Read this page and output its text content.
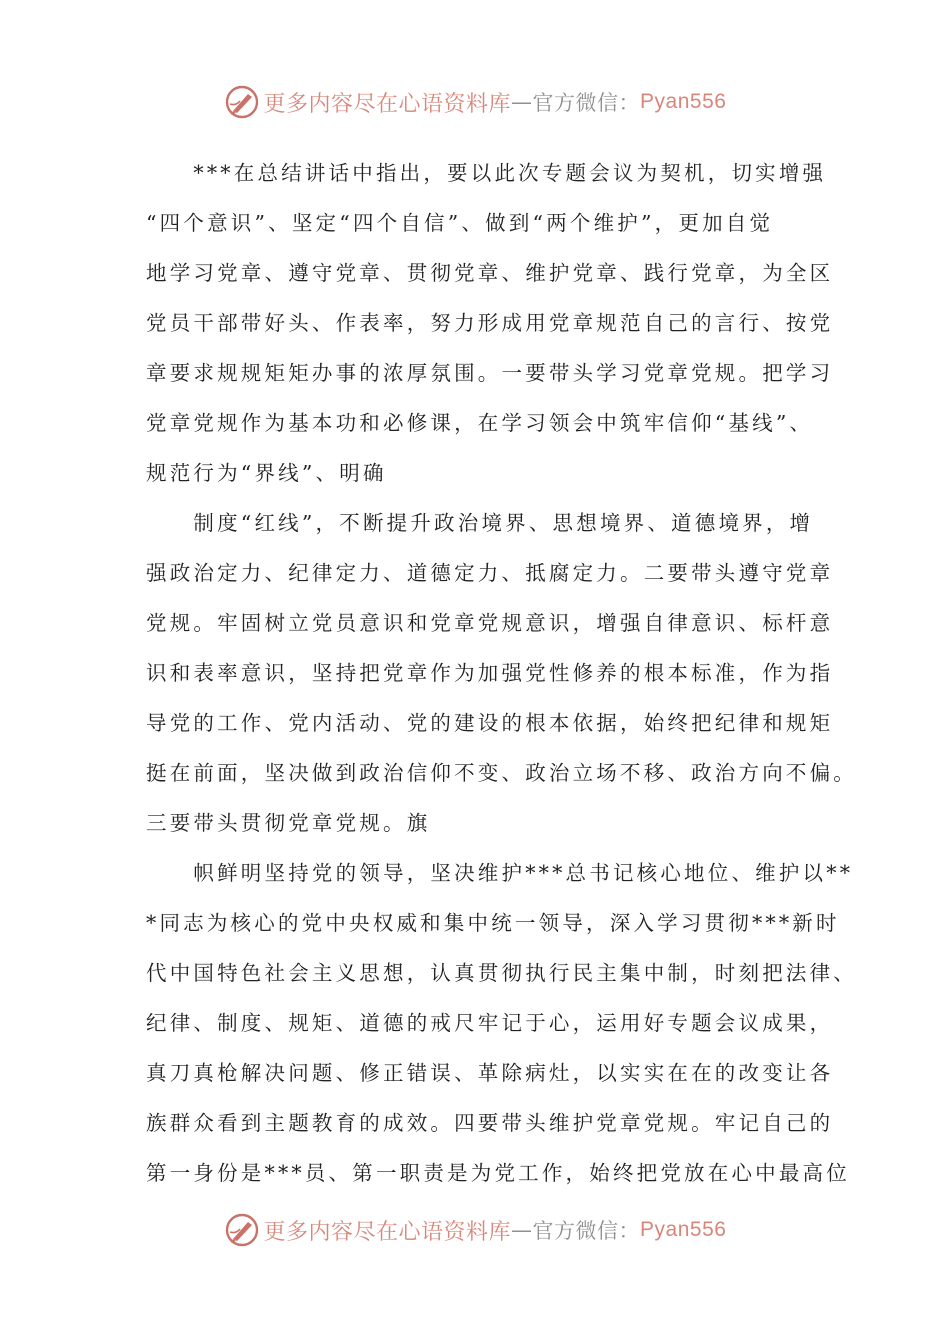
更多内容尽在心语资料库 — 官方微信： Pyan556
　　***在总结讲话中指出，要以此次专题会议为契机，切实增强
“四个意识”、坚定“四个自信”、做到“两个维护”，更加自觉
地学习党章、遵守党章、贯彻党章、维护党章、践行党章，为全区
党员干部带好头、作表率，努力形成用党章规范自己的言行、按党
章要求规规矩矩办事的浓厚氛围。一要带头学习党章党规。把学习
党章党规作为基本功和必修课，在学习领会中筑牢信仰“基线”、
规范行为“界线”、明确
　　制度“红线”，不断提升政治境界、思想境界、道德境界，增
强政治定力、纪律定力、道德定力、抵腐定力。二要带头遵守党章
党规。牢固树立党员意识和党章党规意识，增强自律意识、标杆意
识和表率意识，坚持把党章作为加强党性修养的根本标准，作为指
导党的工作、党内活动、党的建设的根本依据，始终把纪律和规矩
挺在前面，坚决做到政治信仰不变、政治立场不移、政治方向不偏。
三要带头贯彻党章党规。旗
　　帜鲜明坚持党的领导，坚决维护***总书记核心地位、维护以**
*同志为核心的党中央权威和集中统一领导，深入学习贯彻***新时
代中国特色社会主义思想，认真贯彻执行民主集中制，时刻把法律、
纪律、制度、规矩、道德的戒尺牢记于心，运用好专题会议成果，
真刀真枪解决问题、修正错误、革除病灶，以实实在在的改变让各
族群众看到主题教育的成效。四要带头维护党章党规。牢记自己的
第一身份是***员、第一职责是为党工作，始终把党放在心中最高位
更多内容尽在心语资料库 — 官方微信： Pyan556
